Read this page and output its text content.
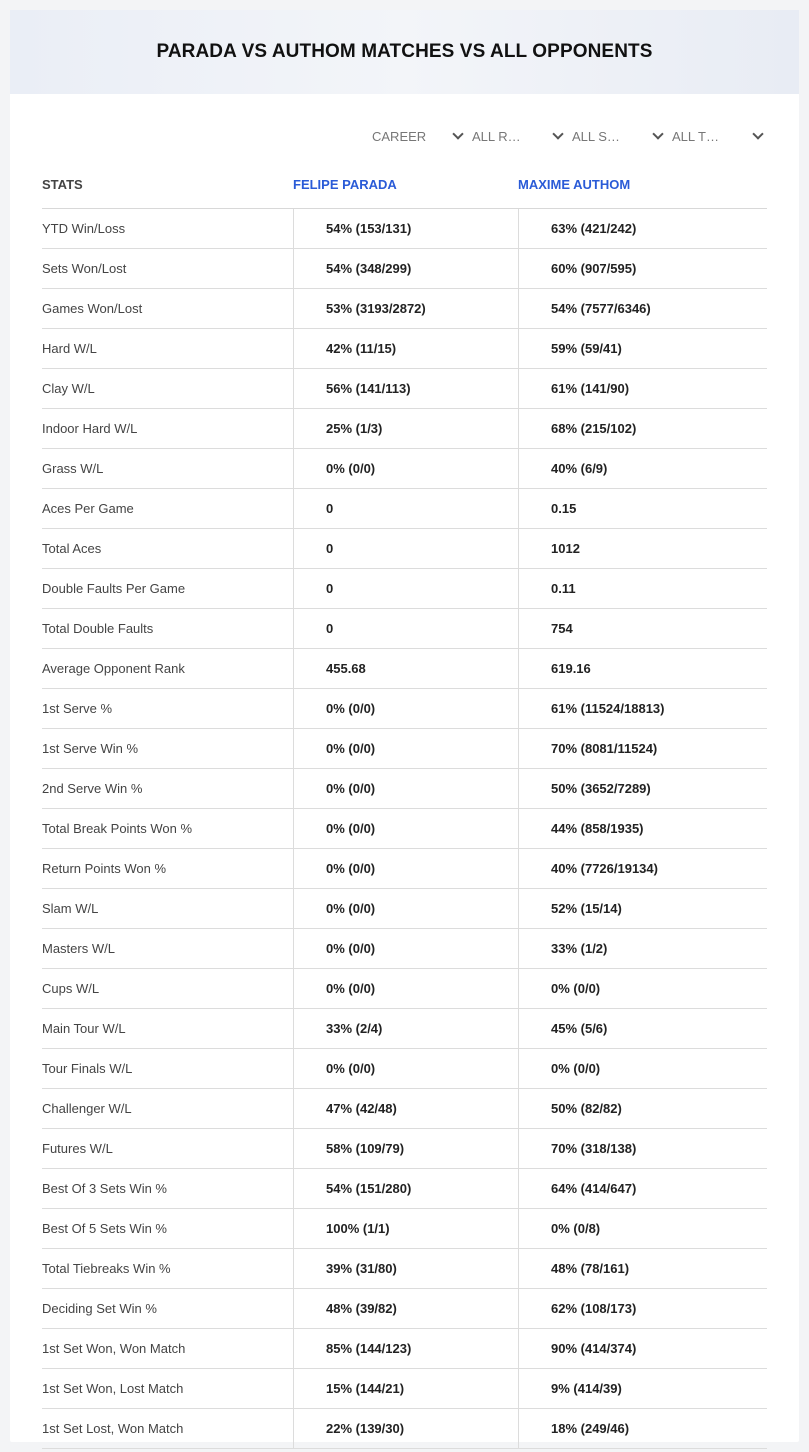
PARADA VS AUTHOM MATCHES VS ALL OPPONENTS
CAREER	ALL R…	ALL S…	ALL T…
STATS	FELIPE PARADA	MAXIME AUTHOM
YTD Win/Loss	54% (153/131)	63% (421/242)
Sets Won/Lost	54% (348/299)	60% (907/595)
Games Won/Lost	53% (3193/2872)	54% (7577/6346)
Hard W/L	42% (11/15)	59% (59/41)
Clay W/L	56% (141/113)	61% (141/90)
Indoor Hard W/L	25% (1/3)	68% (215/102)
Grass W/L	0% (0/0)	40% (6/9)
Aces Per Game	0	0.15
Total Aces	0	1012
Double Faults Per Game	0	0.11
Total Double Faults	0	754
Average Opponent Rank	455.68	619.16
1st Serve %	0% (0/0)	61% (11524/18813)
1st Serve Win %	0% (0/0)	70% (8081/11524)
2nd Serve Win %	0% (0/0)	50% (3652/7289)
Total Break Points Won %	0% (0/0)	44% (858/1935)
Return Points Won %	0% (0/0)	40% (7726/19134)
Slam W/L	0% (0/0)	52% (15/14)
Masters W/L	0% (0/0)	33% (1/2)
Cups W/L	0% (0/0)	0% (0/0)
Main Tour W/L	33% (2/4)	45% (5/6)
Tour Finals W/L	0% (0/0)	0% (0/0)
Challenger W/L	47% (42/48)	50% (82/82)
Futures W/L	58% (109/79)	70% (318/138)
Best Of 3 Sets Win %	54% (151/280)	64% (414/647)
Best Of 5 Sets Win %	100% (1/1)	0% (0/8)
Total Tiebreaks Win %	39% (31/80)	48% (78/161)
Deciding Set Win %	48% (39/82)	62% (108/173)
1st Set Won, Won Match	85% (144/123)	90% (414/374)
1st Set Won, Lost Match	15% (144/21)	9% (414/39)
1st Set Lost, Won Match	22% (139/30)	18% (249/46)
